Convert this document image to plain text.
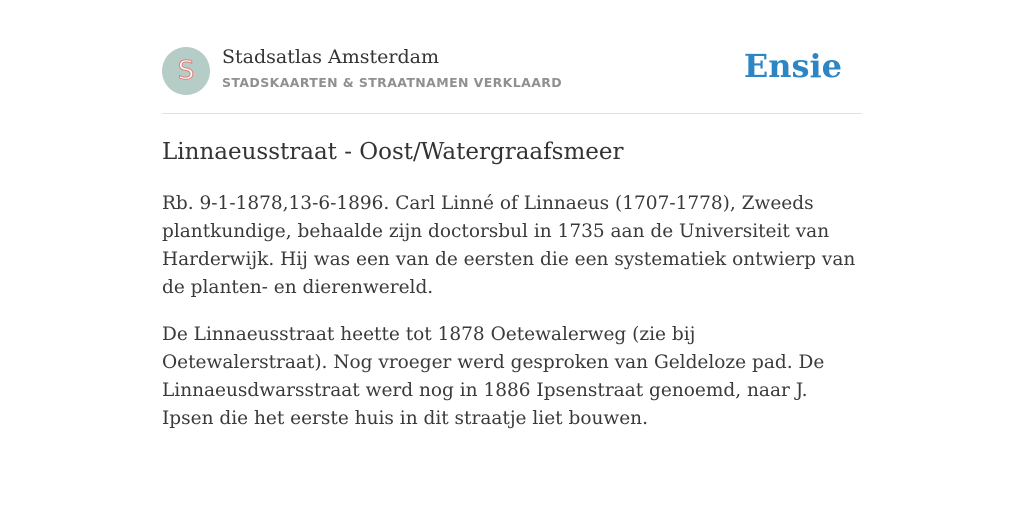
S Stadsatlas Amsterdam
STADSKAARTEN & STRAATNAMEN VERKLAARD	Ensie
Linnaeusstraat - Oost/Watergraafsmeer

Rb. 9-1-1878,13-6-1896. Carl Linné of Linnaeus (1707-1778), Zweeds plantkundige, behaalde zijn doctorsbul in 1735 aan de Universiteit van Harderwijk. Hij was een van de eersten die een systematiek ontwierp van de planten- en dierenwereld.

De Linnaeusstraat heette tot 1878 Oetewalerweg (zie bij Oetewalerstraat). Nog vroeger werd gesproken van Geldeloze pad. De Linnaeusdwarsstraat werd nog in 1886 Ipsenstraat genoemd, naar J. Ipsen die het eerste huis in dit straatje liet bouwen.
